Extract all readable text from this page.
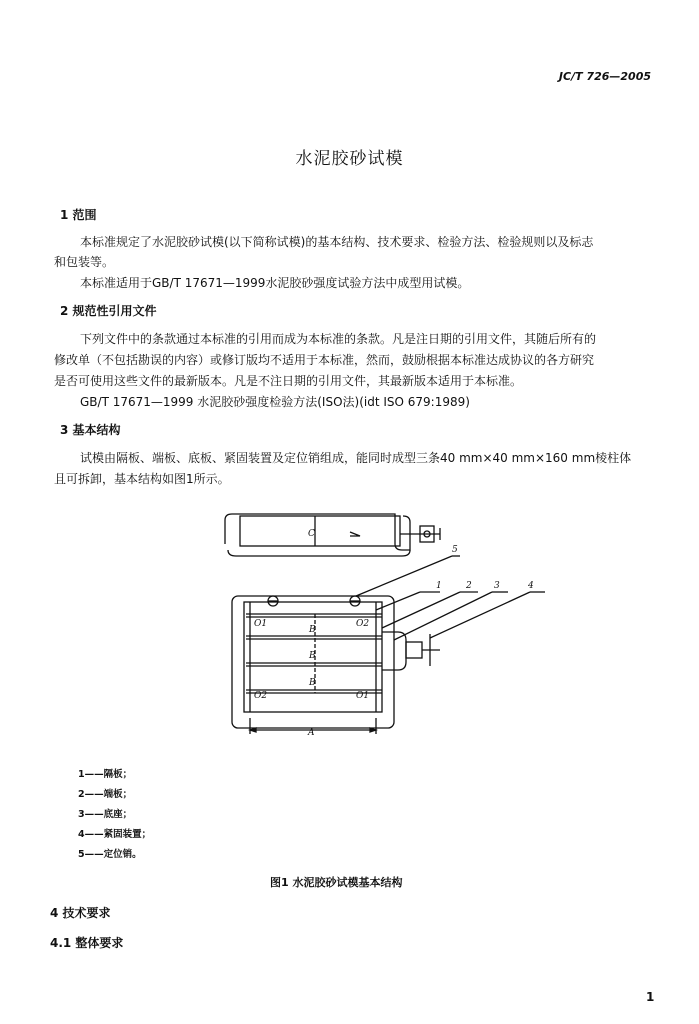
JC/T 726—2005
水泥胶砂试模
1 范围
本标准规定了水泥胶砂试模(以下简称试模)的基本结构、技术要求、检验方法、检验规则以及标志
和包装等。
本标准适用于GB/T 17671—1999水泥胶砂强度试验方法中成型用试模。
2 规范性引用文件
下列文件中的条款通过本标准的引用而成为本标准的条款。凡是注日期的引用文件，其随后所有的
修改单（不包括勘误的内容）或修订版均不适用于本标准，然而，鼓励根据本标准达成协议的各方研究
是否可使用这些文件的最新版本。凡是不注日期的引用文件，其最新版本适用于本标准。
GB/T 17671—1999 水泥胶砂强度检验方法(ISO法)(idt ISO 679:1989)
3 基本结构
试模由隔板、端板、底板、紧固装置及定位销组成，能同时成型三条40 mm×40 mm×160 mm棱柱体
且可拆卸，基本结构如图1所示。
C
A
B
B
B
O1	O2
O2	O1
5
1	2 3	4
1——隔板；
2——端板；
3——底座；
4——紧固装置；
5——定位销。
图1 水泥胶砂试模基本结构
4 技术要求
4.1 整体要求
1
